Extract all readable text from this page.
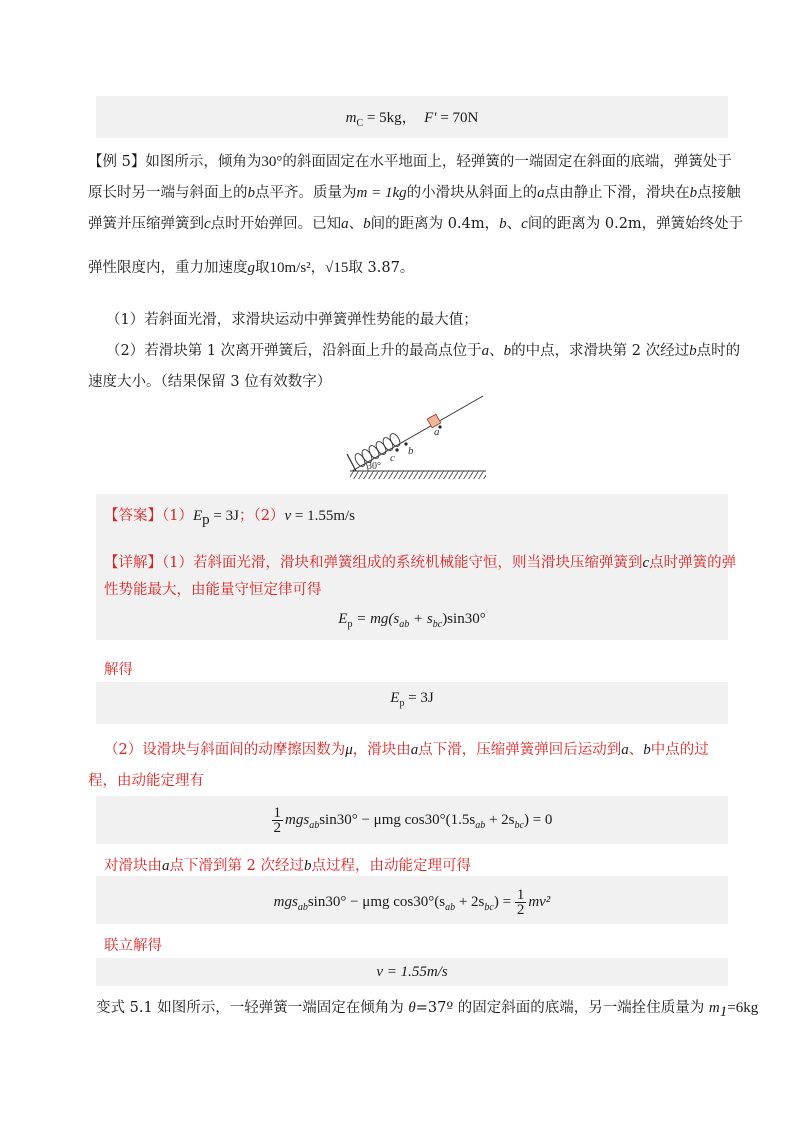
$m_C = 5kg$， F′ = 70N
【例 5】如图所示，倾角为30°的斜面固定在水平地面上，轻弹簧的一端固定在斜面的底端，弹簧处于
原长时另一端与斜面上的b点平齐。质量为m = 1kg的小滑块从斜面上的a点由静止下滑，滑块在b点接触
弹簧并压缩弹簧到c点时开始弹回。已知a、b间的距离为 0.4m，b、c间的距离为 0.2m，弹簧始终处于
弹性限度内，重力加速度g取10m/s²，√15取 3.87。
（1）若斜面光滑，求滑块运动中弹簧弹性势能的最大值；
（2）若滑块第 1 次离开弹簧后，沿斜面上升的最高点位于a、b的中点，求滑块第 2 次经过b点时的
速度大小。（结果保留 3 位有效数字）
30°
a
b
c
【答案】$(1)E_p = 3J$；（2）v = 1.55m/s
【详解】（1）若斜面光滑，滑块和弹簧组成的系统机械能守恒，则当滑块压缩弹簧到c点时弹簧的弹
性势能最大，由能量守恒定律可得
$E_p = mg(s_{ab} + s_{bc})\sin 30^\circ$
解得
$E_p = 3J$
（2）设滑块与斜面间的动摩擦因数为μ，滑块由a点下滑，压缩弹簧弹回后运动到a、b中点的过
程，由动能定理有
$\frac{1}{2} mgs_{ab}\sin 30^\circ - \mu mg$ $\cos 30^\circ(1.5s_{ab} + 2s_{bc}) = 0$
对滑块由a点下滑到第 2 次经过b点过程，由动能定理可得
mgs$_{ab}$sin30° − μmg $\cos 30^\circ(s_{ab} + 2s_{bc}) = \frac{1}{2} mv^2$
联立解得
v = 1.55m/s
变式 5.1 如图所示，一轻弹簧一端固定在倾角为 θ=37º 的固定斜面的底端，另一端拴住质量为 $m_1=6kg$
